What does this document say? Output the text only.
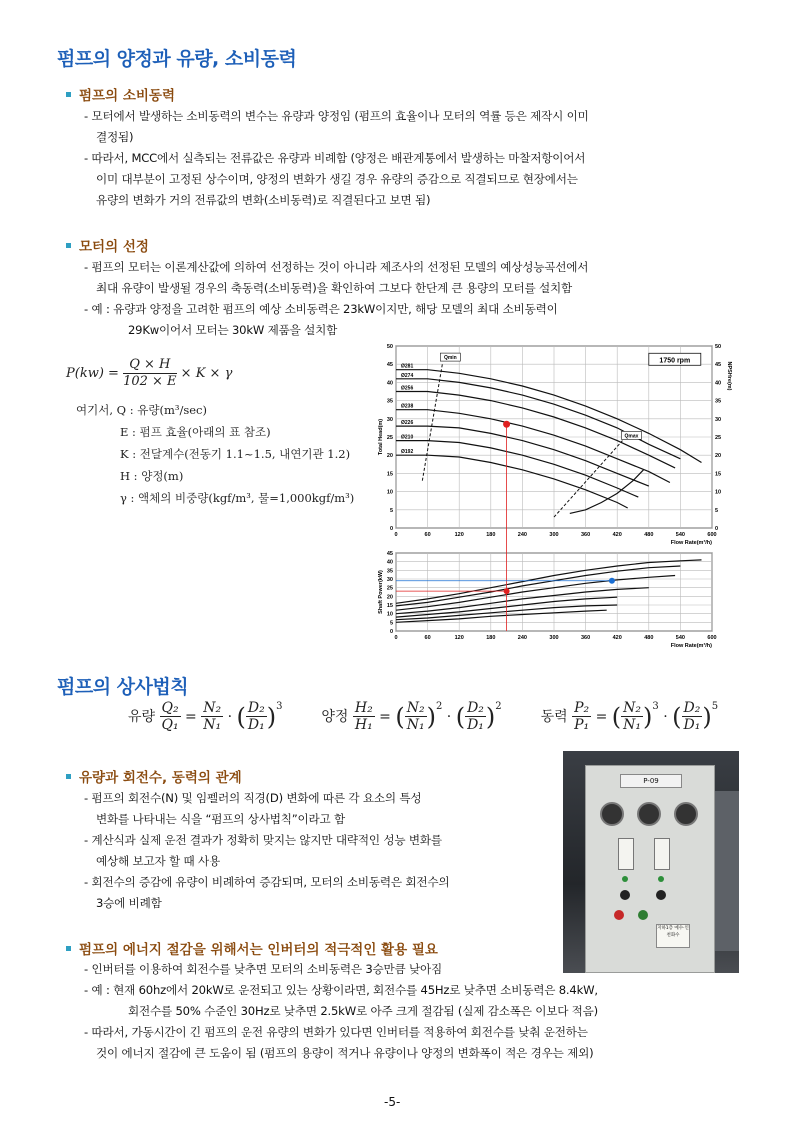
펌프의 양정과 유량, 소비동력
펌프의 소비동력
- 모터에서 발생하는 소비동력의 변수는 유량과 양정임 (펌프의 효율이나 모터의 역률 등은 제작시 이미
결정됨)
- 따라서, MCC에서 실측되는 전류값은 유량과 비례함 (양정은 배관계통에서 발생하는 마찰저항이어서
이미 대부분이 고정된 상수이며, 양정의 변화가 생길 경우 유량의 증감으로 직결되므로 현장에서는
유량의 변화가 거의 전류값의 변화(소비동력)로 직결된다고 보면 됨)
모터의 선정
- 펌프의 모터는 이론계산값에 의하여 선정하는 것이 아니라 제조사의 선정된 모델의 예상성능곡선에서
최대 유량이 발생될 경우의 축동력(소비동력)을 확인하여 그보다 한단계 큰 용량의 모터를 설치함
- 예 : 유량과 양정을 고려한 펌프의 예상 소비동력은 23kW이지만, 해당 모델의 최대 소비동력이
29Kw이어서 모터는 30kW 제품을 설치함
$P(kw) = \frac{Q \times H}{102 \times E} \times K \times \gamma$
여기서, Q : 유량(m³/sec)
E : 펌프 효율(아래의 표 참조)
K : 전달계수(전동기 1.1~1.5, 내연기관 1.2)
H : 양정(m)
γ : 액체의 비중량(kgf/m³, 물=1,000kgf/m³)
0	60	120	180	240	300	360	420	480	540	600
0	0
5	5
10	10
15	15
20	20
25	25
30	30
35	35
40	40
45	45
50	50
Flow Rate(m³/h)
Total Head(m)
NPSHre(m)
Ø281
Ø274
Ø256
Ø238
Ø226
Ø210
Ø192
Qmin
Qmax
1750 rpm
0	60	120	180	240	300	360	420	480	540	600
0
5
10
15
20
25
30
35
40
45
Flow Rate(m³/h)
Shaft Power(kW)
펌프의 상사법칙
유량 $\frac{\text{Q₂}}{\text{Q₁}} = \frac{\text{N₂}}{\text{N₁}}$ · ( $\frac{\text{D₂}}{\text{D₁}} )^3$  양정 $\frac{\text{H₂}}{\text{H₁}}$ = ( $\frac{\text{N₂}}{\text{N₁}} )^2$ · ( $\frac{\text{D₂}}{\text{D₁}} )^2$  동력 $\frac{\text{P₂}}{\text{P₁}}$ = ( $\frac{\text{N₂}}{\text{N₁}} )^3$ · ( $\frac{\text{D₂}}{\text{D₁}} )^5$
유량과 회전수, 동력의 관계
- 펌프의 회전수(N) 및 임펠러의 직경(D) 변화에 따른 각 요소의 특성
변화를 나타내는 식을 “펌프의 상사법칙”이라고 함
- 계산식과 실제 운전 결과가 정확히 맞지는 않지만 대략적인 성능 변화를
예상해 보고자 할 때 사용
- 회전수의 증감에 유량이 비례하여 증감되며, 모터의 소비동력은 회전수의
3승에 비례함
P-09
지하1층 예수·인천화수
펌프의 에너지 절감을 위해서는 인버터의 적극적인 활용 필요
- 인버터를 이용하여 회전수를 낮추면 모터의 소비동력은 3승만큼 낮아짐
- 예 : 현재 60hz에서 20kW로 운전되고 있는 상황이라면, 회전수를 45Hz로 낮추면 소비동력은 8.4kW,
회전수를 50% 수준인 30Hz로 낮추면 2.5kW로 아주 크게 절감됨 (실제 감소폭은 이보다 적음)
- 따라서, 가동시간이 긴 펌프의 운전 유량의 변화가 있다면 인버터를 적용하여 회전수를 낮춰 운전하는
것이 에너지 절감에 큰 도움이 됨 (펌프의 용량이 적거나 유량이나 양정의 변화폭이 적은 경우는 제외)
-5-
